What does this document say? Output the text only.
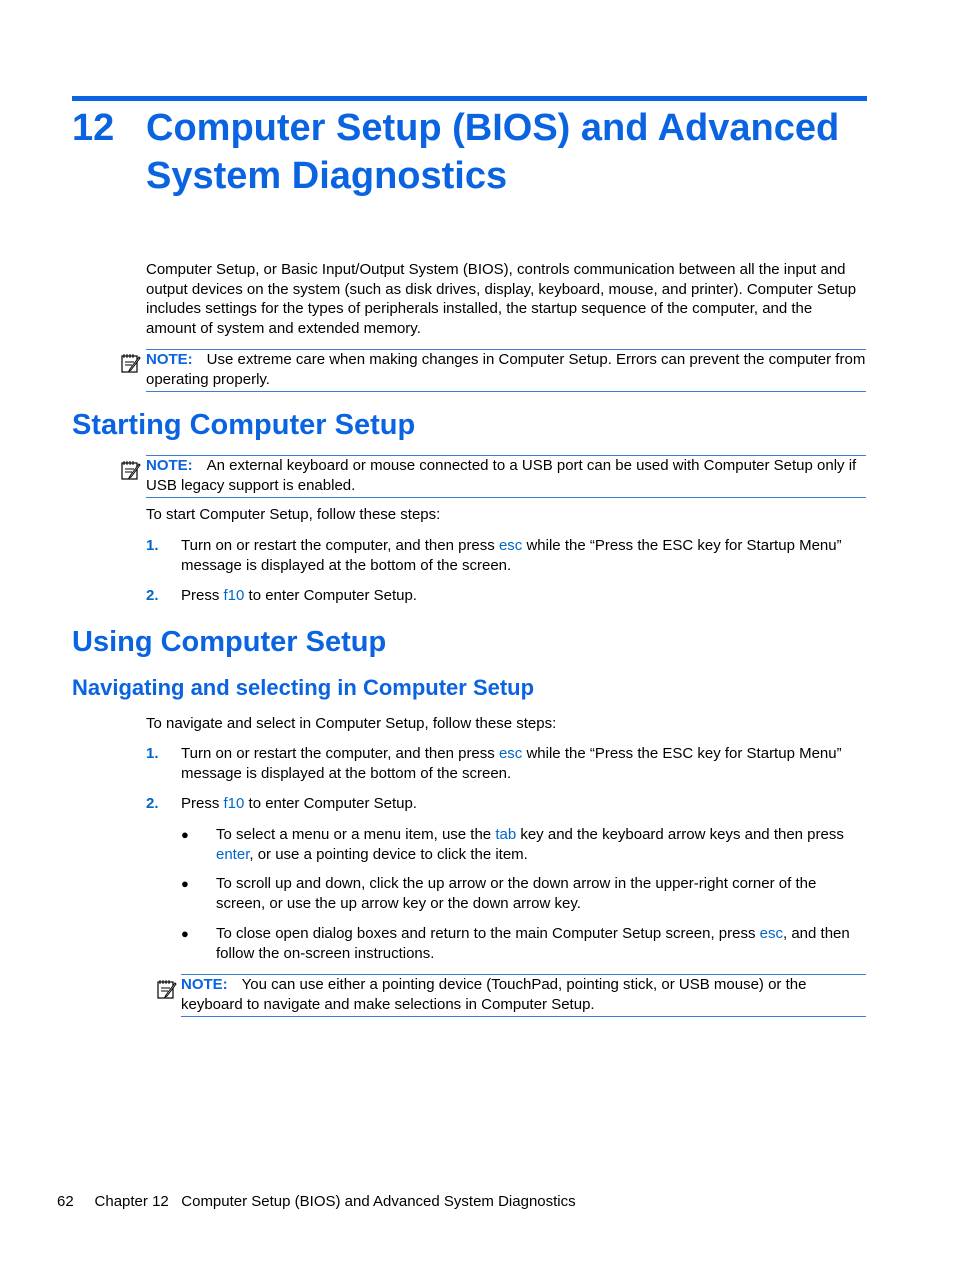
12 Computer Setup (BIOS) and Advanced System Diagnostics
Computer Setup, or Basic Input/Output System (BIOS), controls communication between all the input and output devices on the system (such as disk drives, display, keyboard, mouse, and printer). Computer Setup includes settings for the types of peripherals installed, the startup sequence of the computer, and the amount of system and extended memory.
NOTE: Use extreme care when making changes in Computer Setup. Errors can prevent the computer from operating properly.
Starting Computer Setup
NOTE: An external keyboard or mouse connected to a USB port can be used with Computer Setup only if USB legacy support is enabled.
To start Computer Setup, follow these steps:
1. Turn on or restart the computer, and then press esc while the “Press the ESC key for Startup Menu” message is displayed at the bottom of the screen.
2. Press f10 to enter Computer Setup.
Using Computer Setup
Navigating and selecting in Computer Setup
To navigate and select in Computer Setup, follow these steps:
1. Turn on or restart the computer, and then press esc while the “Press the ESC key for Startup Menu” message is displayed at the bottom of the screen.
2. Press f10 to enter Computer Setup.
● To select a menu or a menu item, use the tab key and the keyboard arrow keys and then press enter, or use a pointing device to click the item.
● To scroll up and down, click the up arrow or the down arrow in the upper-right corner of the screen, or use the up arrow key or the down arrow key.
● To close open dialog boxes and return to the main Computer Setup screen, press esc, and then follow the on-screen instructions.
NOTE: You can use either a pointing device (TouchPad, pointing stick, or USB mouse) or the keyboard to navigate and make selections in Computer Setup.
62 Chapter 12 Computer Setup (BIOS) and Advanced System Diagnostics
